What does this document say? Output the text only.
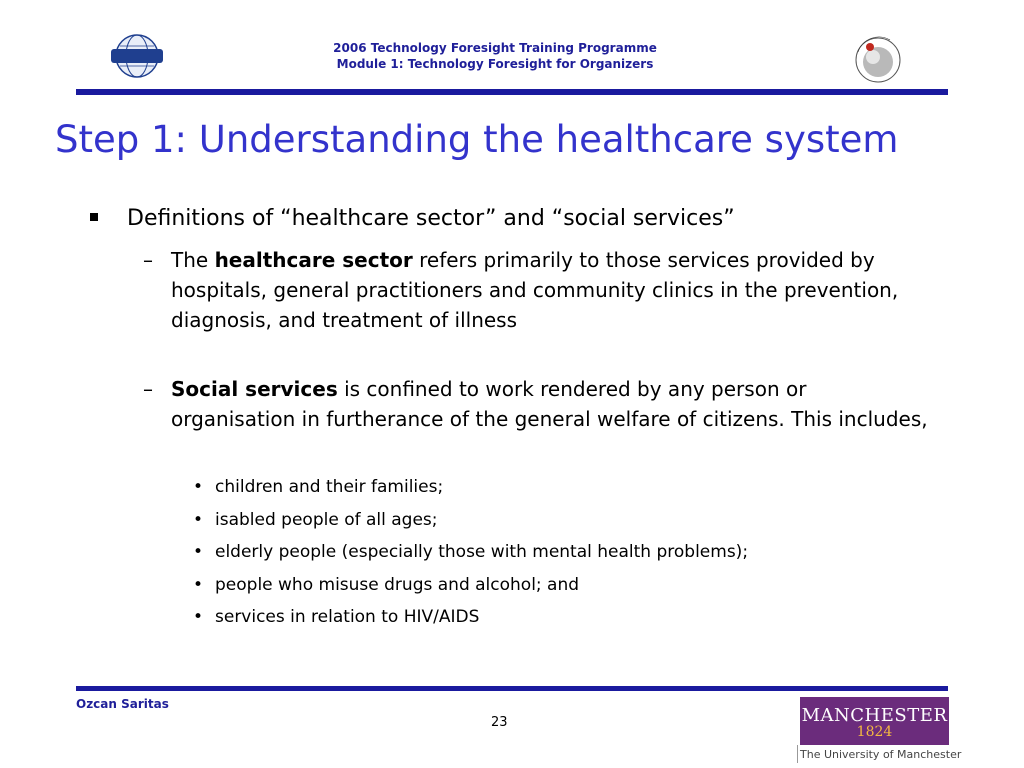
2006 Technology Foresight Training Programme
Module 1: Technology Foresight for Organizers
Step 1: Understanding the healthcare system
Definitions of “healthcare sector” and “social services”
– The healthcare sector refers primarily to those services provided by hospitals, general practitioners and community clinics in the prevention, diagnosis, and treatment of illness
– Social services is confined to work rendered by any person or organisation in furtherance of the general welfare of citizens. This includes,
• children and their families;
• isabled people of all ages;
• elderly people (especially those with mental health problems);
• people who misuse drugs and alcohol; and
• services in relation to HIV/AIDS
Ozcan Saritas
23	MANCHESTER
1824
The University of Manchester
